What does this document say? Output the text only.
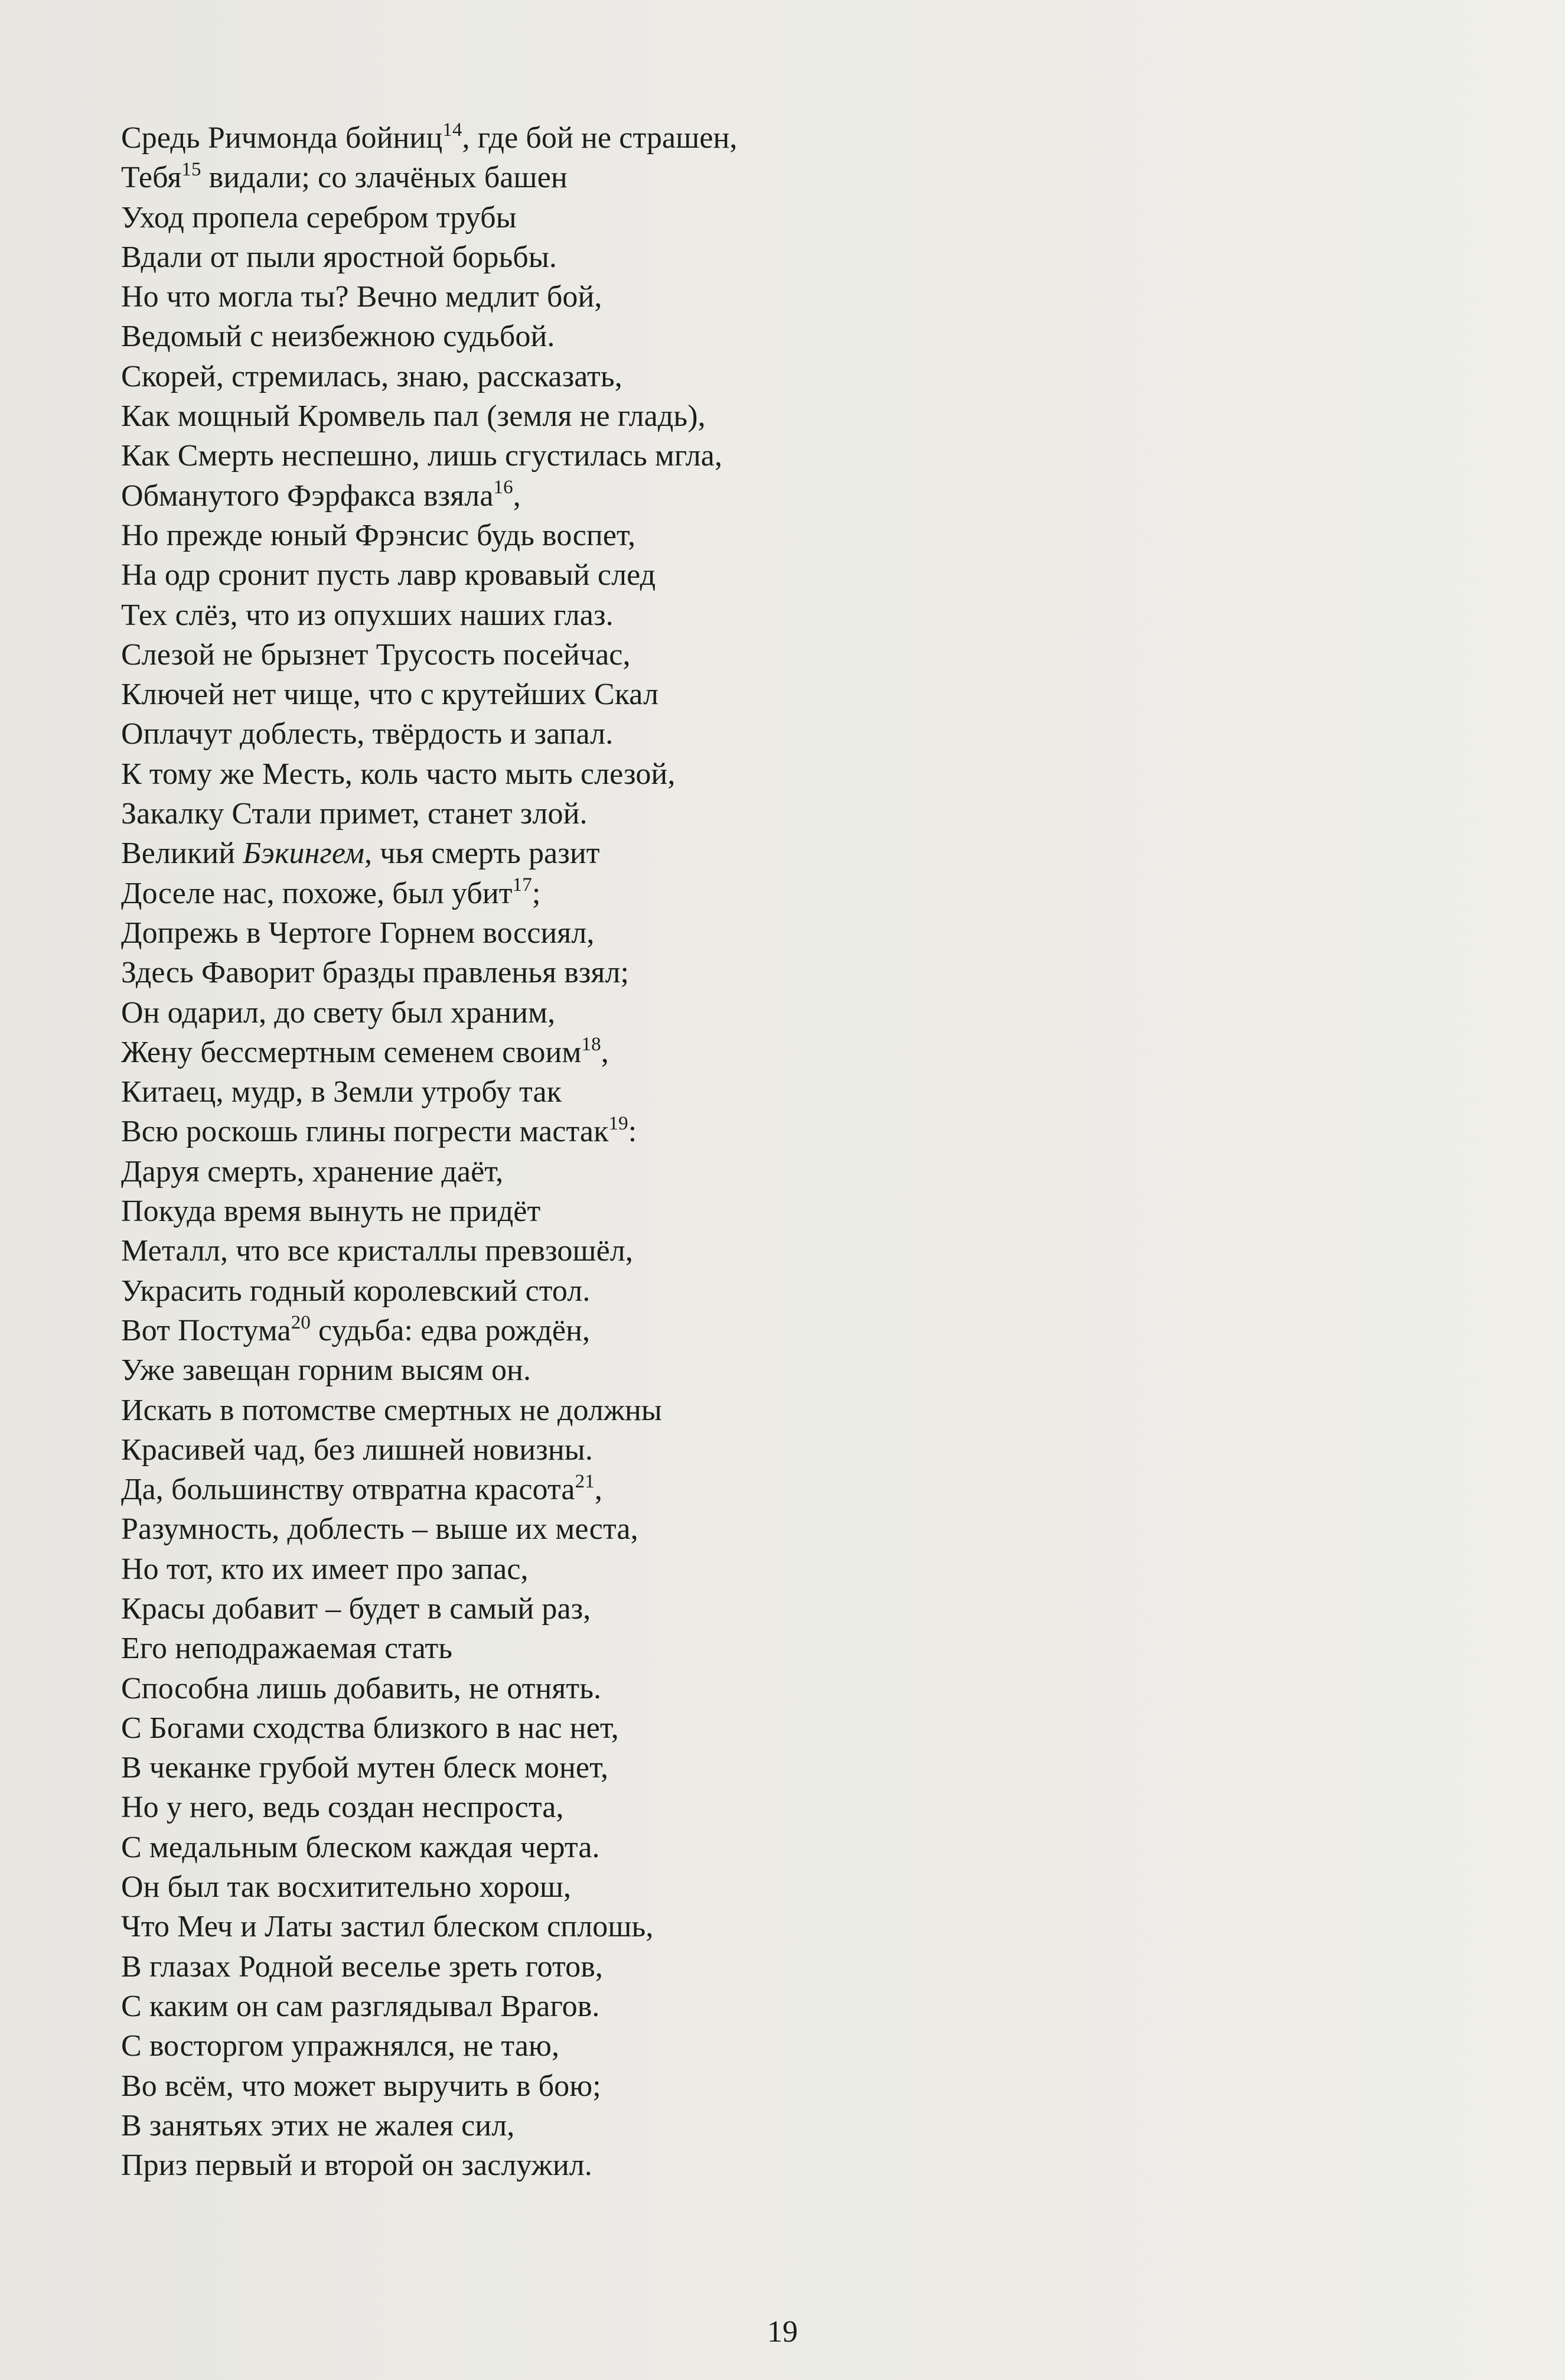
Средь Ричмонда бойниц$^{14}$, где бой не страшен,
Тебя$^{15}$ видали; со злачёных башен
Уход пропела серебром трубы
Вдали от пыли яростной борьбы.
Но что могла ты? Вечно медлит бой,
Ведомый с неизбежною судьбой.
Скорей, стремилась, знаю, рассказать,
Как мощный Кромвель пал (земля не гладь),
Как Смерть неспешно, лишь сгустилась мгла,
Обманутого Фэрфакса взяла$^{16}$,
Но прежде юный Фрэнсис будь воспет,
На одр сронит пусть лавр кровавый след
Тех слёз, что из опухших наших глаз.
Слезой не брызнет Трусость посейчас,
Ключей нет чище, что с крутейших Скал
Оплачут доблесть, твёрдость и запал.
К тому же Месть, коль часто мыть слезой,
Закалку Стали примет, станет злой.
Великий Бэкингем, чья смерть разит
Доселе нас, похоже, был убит$^{17}$;
Допрежь в Чертоге Горнем воссиял,
Здесь Фаворит бразды правленья взял;
Он одарил, до свету был храним,
Жену бессмертным семенем своим$^{18}$,
Китаец, мудр, в Земли утробу так
Всю роскошь глины погрести мастак$^{19}$:
Даруя смерть, хранение даёт,
Покуда время вынуть не придёт
Металл, что все кристаллы превзошёл,
Украсить годный королевский стол.
Вот Постума$^{20}$ судьба: едва рождён,
Уже завещан горним высям он.
Искать в потомстве смертных не должны
Красивей чад, без лишней новизны.
Да, большинству отвратна красота$^{21}$,
Разумность, доблесть – выше их места,
Но тот, кто их имеет про запас,
Красы добавит – будет в самый раз,
Его неподражаемая стать
Способна лишь добавить, не отнять.
С Богами сходства близкого в нас нет,
В чеканке грубой мутен блеск монет,
Но у него, ведь создан неспроста,
С медальным блеском каждая черта.
Он был так восхитительно хорош,
Что Меч и Латы застил блеском сплошь,
В глазах Родной веселье зреть готов,
С каким он сам разглядывал Врагов.
С восторгом упражнялся, не таю,
Во всём, что может выручить в бою;
В занятьях этих не жалея сил,
Приз первый и второй он заслужил.
19
